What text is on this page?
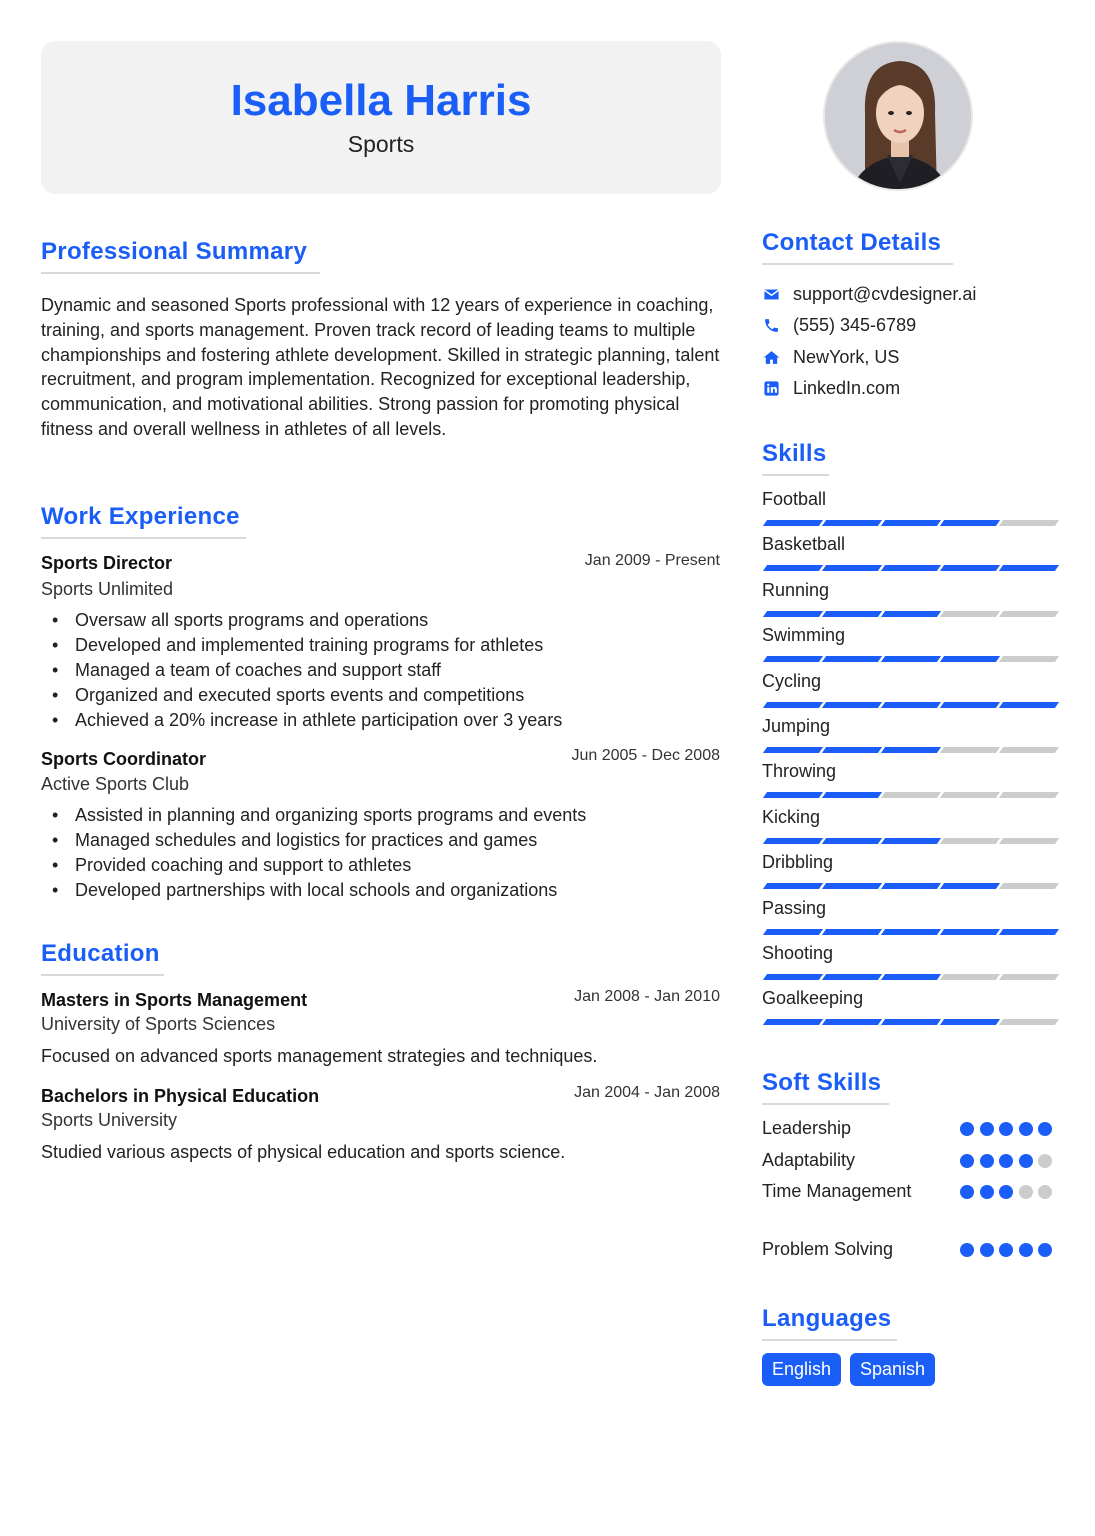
Isabella Harris
Sports
Professional Summary
Dynamic and seasoned Sports professional with 12 years of experience in coaching, training, and sports management. Proven track record of leading teams to multiple championships and fostering athlete development. Skilled in strategic planning, talent recruitment, and program implementation. Recognized for exceptional leadership, communication, and motivational abilities. Strong passion for promoting physical fitness and overall wellness in athletes of all levels.
Work Experience
Sports Director	Jan 2009 - Present
Sports Unlimited
• Oversaw all sports programs and operations
• Developed and implemented training programs for athletes
• Managed a team of coaches and support staff
• Organized and executed sports events and competitions
• Achieved a 20% increase in athlete participation over 3 years
Sports Coordinator	Jun 2005 - Dec 2008
Active Sports Club
• Assisted in planning and organizing sports programs and events
• Managed schedules and logistics for practices and games
• Provided coaching and support to athletes
• Developed partnerships with local schools and organizations
Education
Masters in Sports Management	Jan 2008 - Jan 2010
University of Sports Sciences
Focused on advanced sports management strategies and techniques.
Bachelors in Physical Education	Jan 2004 - Jan 2008
Sports University
Studied various aspects of physical education and sports science.
Contact Details
support@cvdesigner.ai
(555) 345-6789
NewYork, US
LinkedIn.com
Skills
Football
Basketball
Running
Swimming
Cycling
Jumping
Throwing
Kicking
Dribbling
Passing
Shooting
Goalkeeping
Soft Skills
Leadership
Adaptability
Time Management
Problem Solving
Languages
English	Spanish
